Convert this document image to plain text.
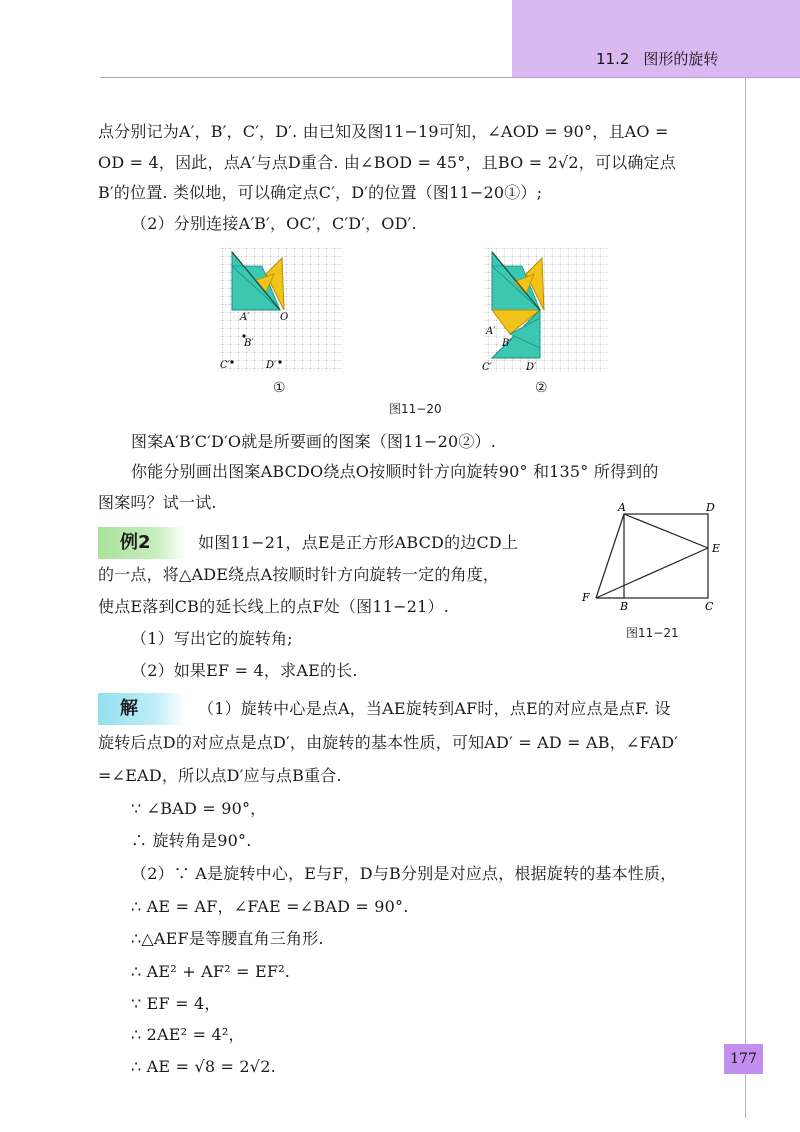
11.2 图形的旋转
点分别记为A′，B′，C′，D′. 由已知及图11−19可知，∠AOD = 90°，且AO =
OD = 4，因此，点A′与点D重合. 由∠BOD = 45°，且BO = 2√2，可以确定点
B′的位置. 类似地，可以确定点C′，D′的位置（图11−20①）;
（2）分别连接A′B′，OC′，C′D′，OD′.
A′
B′
C′	D′
O
①
A′
B′
C′	D′
②
图11−20
图案A′B′C′D′O就是所要画的图案（图11−20②）.
你能分别画出图案ABCDO绕点O按顺时针方向旋转90° 和135° 所得到的
图案吗？试一试.
例2	如图11−21，点E是正方形ABCD的边CD上
的一点，将△ADE绕点A按顺时针方向旋转一定的角度，
使点E落到CB的延长线上的点F处（图11−21）.
（1）写出它的旋转角;
（2）如果EF = 4，求AE的长.
A	D
E
F
B	C
图11−21
解	（1）旋转中心是点A，当AE旋转到AF时，点E的对应点是点F. 设
旋转后点D的对应点是点D′，由旋转的基本性质，可知AD′ = AD = AB，∠FAD′
=∠EAD，所以点D′应与点B重合.
∵ ∠BAD = 90°，
∴ 旋转角是90°.
（2）∵ A是旋转中心，E与F，D与B分别是对应点，根据旋转的基本性质，
∴ AE = AF，∠FAE =∠BAD = 90°.
∴△AEF是等腰直角三角形.
∴ AE² + AF² = EF².
∵ EF = 4，
∴ 2AE² = 4²，
∴ AE = √8 = 2√2.	177
